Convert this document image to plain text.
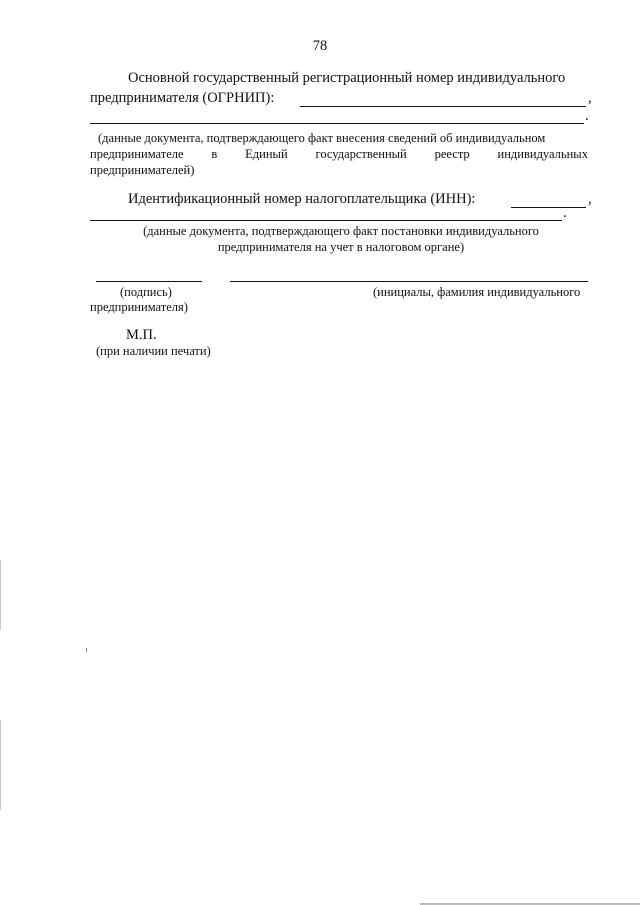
78
Основной государственный регистрационный номер индивидуального
предпринимателя (ОГРНИП):	,
.
(данные документа, подтверждающего факт внесения сведений об индивидуальном
предпринимателе в Единый государственный реестр индивидуальных
предпринимателей)
Идентификационный номер налогоплательщика (ИНН):	,
.
(данные документа, подтверждающего факт постановки индивидуального
предпринимателя на учет в налоговом органе)
(подпись)	(инициалы, фамилия индивидуального
предпринимателя)
М.П.
(при наличии печати)
